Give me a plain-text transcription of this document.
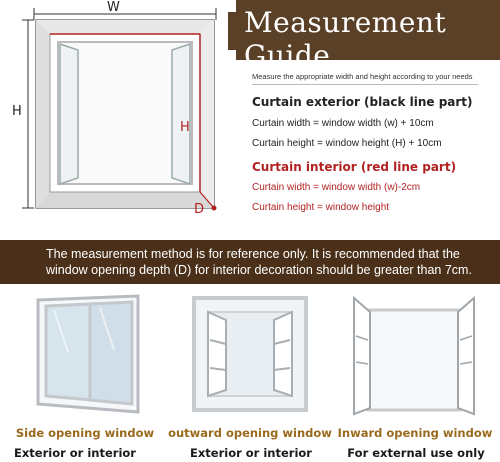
W
H
H
D
Measurement Guide
Measure the appropriate width and height according to your needs
Curtain exterior (black line part)
Curtain width = window width (w) + 10cm
Curtain height = window height (H) + 10cm
Curtain interior (red line part)
Curtain width = window width (w)-2cm
Curtain height = window height
The measurement method is for reference only. It is recommended that the
window opening depth (D) for interior decoration should be greater than 7cm.
Side opening window
Exterior or interior
outward opening window
Exterior or interior
Inward opening window
For external use only
